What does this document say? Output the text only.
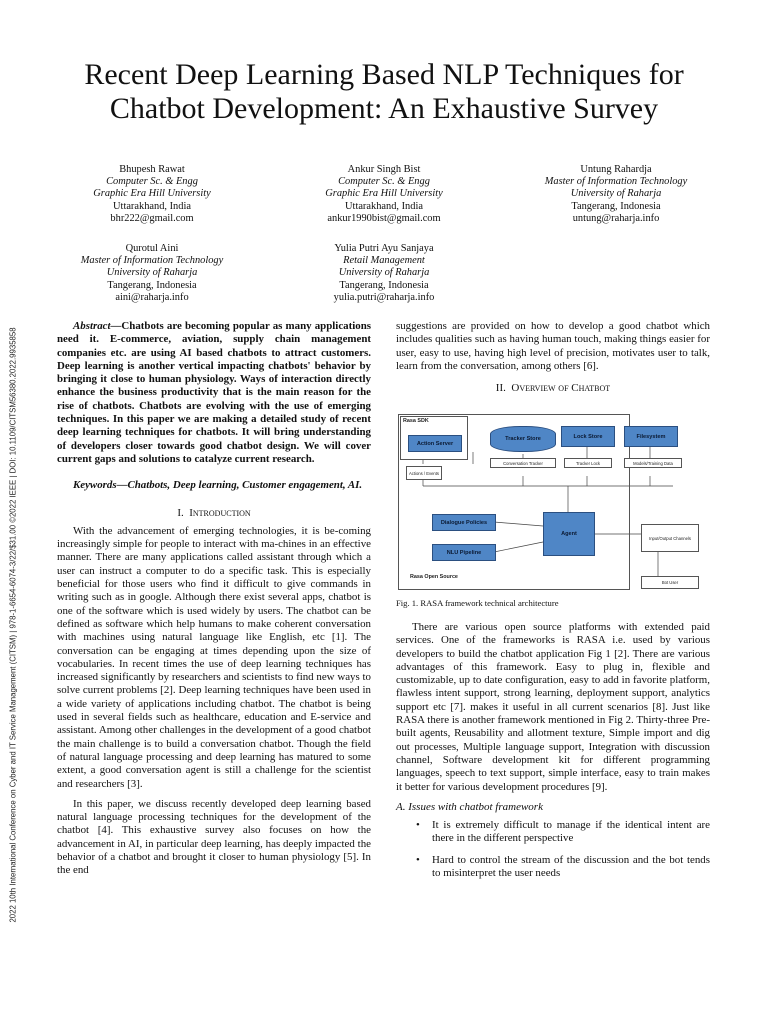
Recent Deep Learning Based NLP Techniques for
Chatbot Development: An Exhaustive Survey
Bhupesh Rawat
Computer Sc. & Engg
Graphic Era Hill University
Uttarakhand, India
bhr222@gmail.com
Ankur Singh Bist
Computer Sc. & Engg
Graphic Era Hill University
Uttarakhand, India
ankur1990bist@gmail.com
Untung Rahardja
Master of Information Technology
University of Raharja
Tangerang, Indonesia
untung@raharja.info
Qurotul Aini
Master of Information Technology
University of Raharja
Tangerang, Indonesia
aini@raharja.info
Yulia Putri Ayu Sanjaya
Retail Management
University of Raharja
Tangerang, Indonesia
yulia.putri@raharja.info
2022 10th International Conference on Cyber and IT Service Management (CITSM) | 978-1-6654-6074-3/22/$31.00 ©2022 IEEE | DOI: 10.1109/CITSM56380.2022.9935858

Abstract—Chatbots are becoming popular as many applications need it. E-commerce, aviation, supply chain management companies etc. are using AI based chatbots to attract customers. Deep learning is another vertical impacting chatbots' behavior by bringing it close to human physiology. Ways of interaction directly enhance the business productivity that is the main reason for the rise of chatbots. Chatbots are evolving with the use of emerging techniques. In this paper we are making a detailed study of recent deep learning techniques for chatbots. It will bring understanding of developers closer towards good chatbot design. We will cover current gaps and solutions to catalyze current research.

Keywords—Chatbots, Deep learning, Customer engagement, AI.

I. Introduction

With the advancement of emerging technologies, it is be-coming increasingly simple for people to interact with ma-chines in an effective manner. There are many applications called assistant through which a user can instruct a computer to do a specific task. This is especially beneficial for those users who find it difficult to give commands in writing such as in google. Although there exist several apps, chatbot is one of the software which is used widely by users. The chatbot can be defined as software which help humans to make coherent conversation with machines using natural language like English, etc [1]. The conversation can be engaging at times depending upon the size of vocabularies. In recent times the use of deep learning techniques has increased significantly by researchers and scientists to find new ways to solve current problems [2]. Deep learning techniques have been used in a wide variety of applications including chatbot. The chatbot is being used in several fields such as healthcare, education and E-service and assistant. Among other challenges in the development of a good chatbot the main challenge is to build a conversation chatbot. Though the field of natural language processing and deep learning has matured to some extent, a good conversation agent is still a challenge for the scientist and researchers [3].

In this paper, we discuss recently developed deep learning based natural language processing techniques for the development of the chatbot [4]. This exhaustive survey also focuses on how the advancement in AI, in particular deep learning, has deeply impacted the behavior of a chatbot and brought it closer to human physiology [5]. In the end

suggestions are provided on how to develop a good chatbot which includes qualities such as having human touch, making things easier for user, easy to use, having high level of precision, motivates user to talk, learn from the conversation, among others [6].

II. Overview of Chatbot

Rasa SDK
Action Server
Tracker Store	Lock Store	Filesystem
Actions / Events
Conversation Tracker	Tracker Lock	Models/Training Data
Dialogue Policies
Agent
NLU Pipeline
Rasa Open Source
Input/Output Channels
Bot User
Fig. 1. RASA framework technical architecture

There are various open source platforms with extended paid services. One of the frameworks is RASA i.e. used by various developers to build the chatbot application Fig 1 [2]. There are various advantages of this framework. Easy to plug in, flexible and customizable, up to date configuration, easy to add in favorite platform, flawless intent support, strong learning, deployment support, analytics support etc [7]. makes it useful in all current scenarios [8]. Just like RASA there is another framework mentioned in Fig 2. Thirty-three Pre-built agents, Reusability and allotment texture, Simple import and dig out processes, Multiple language support, Integration with discussion channel, Software development kit for different programming languages, speech to text support, simple interface, easy to train makes it better for various development procedures [9].

A. Issues with chatbot framework

• It is extremely difficult to manage if the identical intent are there in the different perspective
• Hard to control the stream of the discussion and the bot tends to misinterpret the user needs
